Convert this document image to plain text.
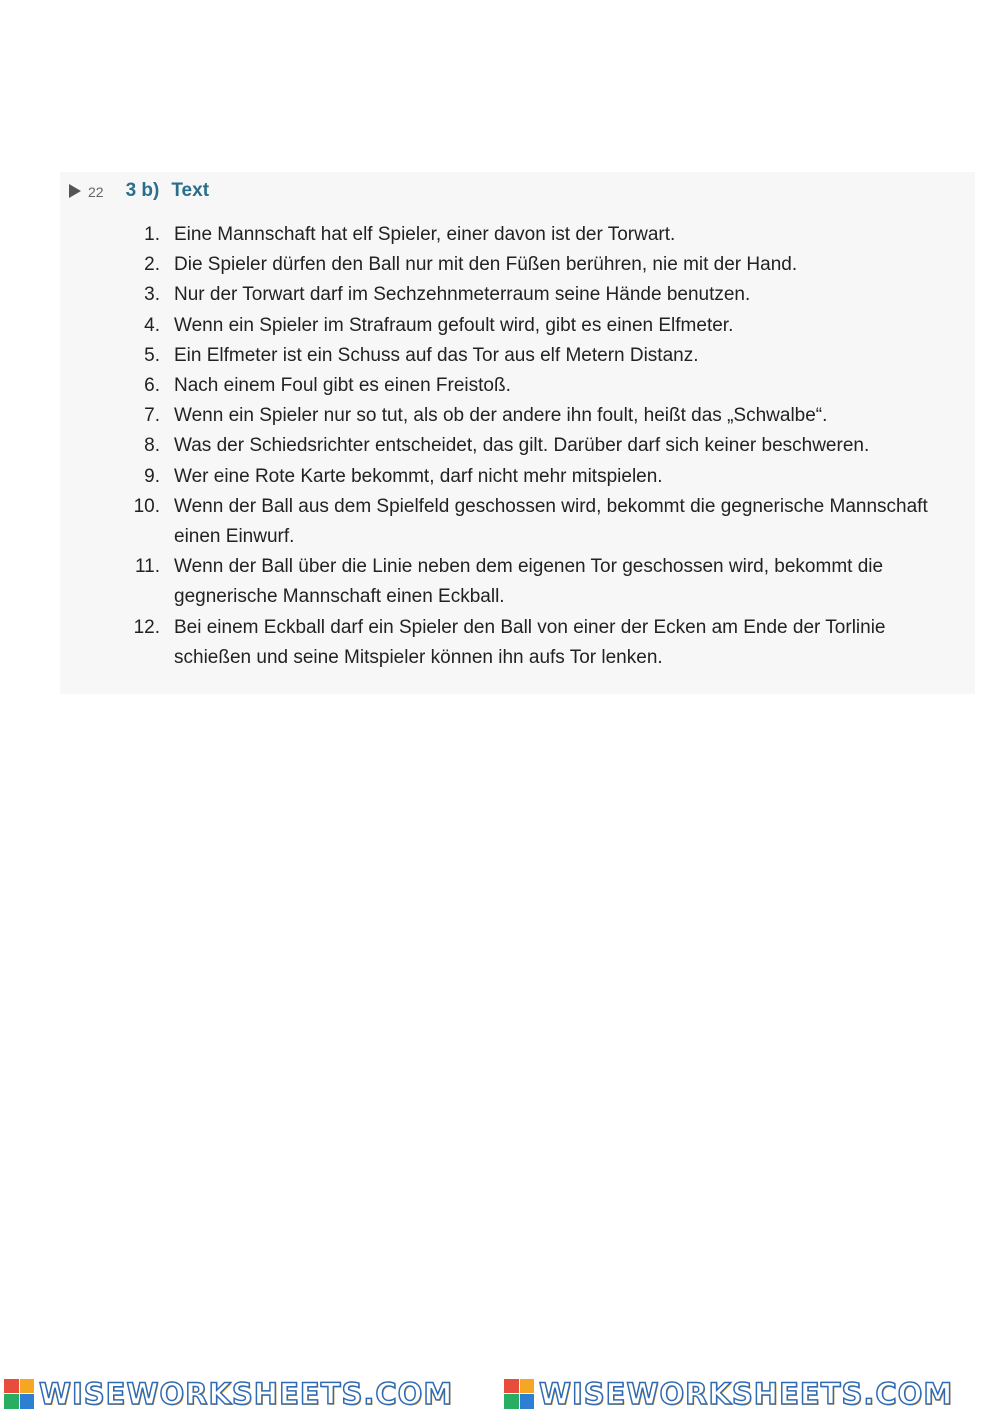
22 3 b) Text
1. Eine Mannschaft hat elf Spieler, einer davon ist der Torwart.
2. Die Spieler dürfen den Ball nur mit den Füßen berühren, nie mit der Hand.
3. Nur der Torwart darf im Sechzehnmeterraum seine Hände benutzen.
4. Wenn ein Spieler im Strafraum gefoult wird, gibt es einen Elfmeter.
5. Ein Elfmeter ist ein Schuss auf das Tor aus elf Metern Distanz.
6. Nach einem Foul gibt es einen Freistoß.
7. Wenn ein Spieler nur so tut, als ob der andere ihn foult, heißt das „Schwalbe“.
8. Was der Schiedsrichter entscheidet, das gilt. Darüber darf sich keiner beschweren.
9. Wer eine Rote Karte bekommt, darf nicht mehr mitspielen.
10. Wenn der Ball aus dem Spielfeld geschossen wird, bekommt die gegnerische Mannschaft einen Einwurf.
11. Wenn der Ball über die Linie neben dem eigenen Tor geschossen wird, bekommt die gegnerische Mannschaft einen Eckball.
12. Bei einem Eckball darf ein Spieler den Ball von einer der Ecken am Ende der Torlinie schießen und seine Mitspieler können ihn aufs Tor lenken.
WISEWORKSHEETS.COM	WISEWORKSHEETS.COM
